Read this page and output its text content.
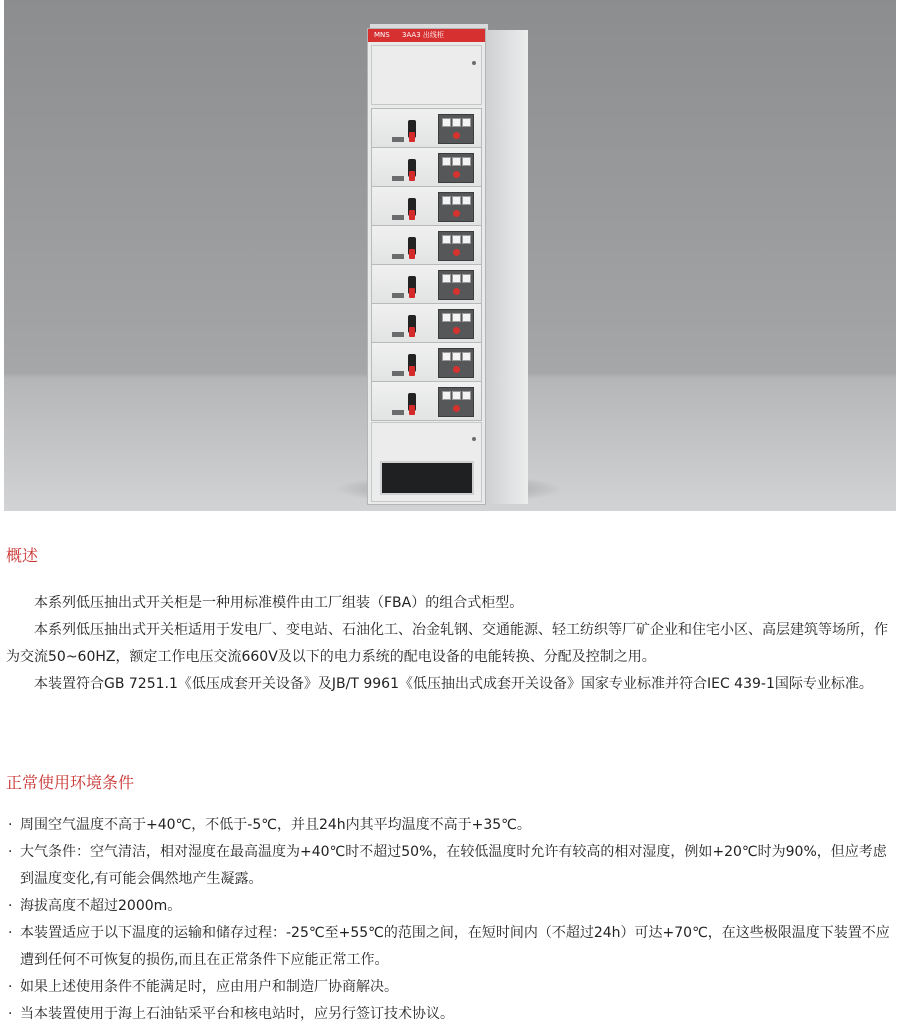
MNS 3AA3 出线柜
概述

本系列低压抽出式开关柜是一种用标准模件由工厂组装（FBA）的组合式柜型。

本系列低压抽出式开关柜适用于发电厂、变电站、石油化工、冶金轧钢、交通能源、轻工纺织等厂矿企业和住宅小区、高层建筑等场所，作为交流50~60HZ，额定工作电压交流660V及以下的电力系统的配电设备的电能转换、分配及控制之用。

本装置符合GB 7251.1《低压成套开关设备》及JB/T 9961《低压抽出式成套开关设备》国家专业标准并符合IEC 439-1国际专业标准。

正常使用环境条件
· 周围空气温度不高于+40℃，不低于-5℃，并且24h内其平均温度不高于+35℃。
· 大气条件：空气清洁，相对湿度在最高温度为+40℃时不超过50%，在较低温度时允许有较高的相对湿度，例如+20℃时为90%，但应考虑到温度变化,有可能会偶然地产生凝露。
· 海拔高度不超过2000m。
· 本装置适应于以下温度的运输和储存过程：-25℃至+55℃的范围之间，在短时间内（不超过24h）可达+70℃，在这些极限温度下装置不应遭到任何不可恢复的损伤,而且在正常条件下应能正常工作。
· 如果上述使用条件不能满足时，应由用户和制造厂协商解决。
· 当本装置使用于海上石油钻采平台和核电站时，应另行签订技术协议。
